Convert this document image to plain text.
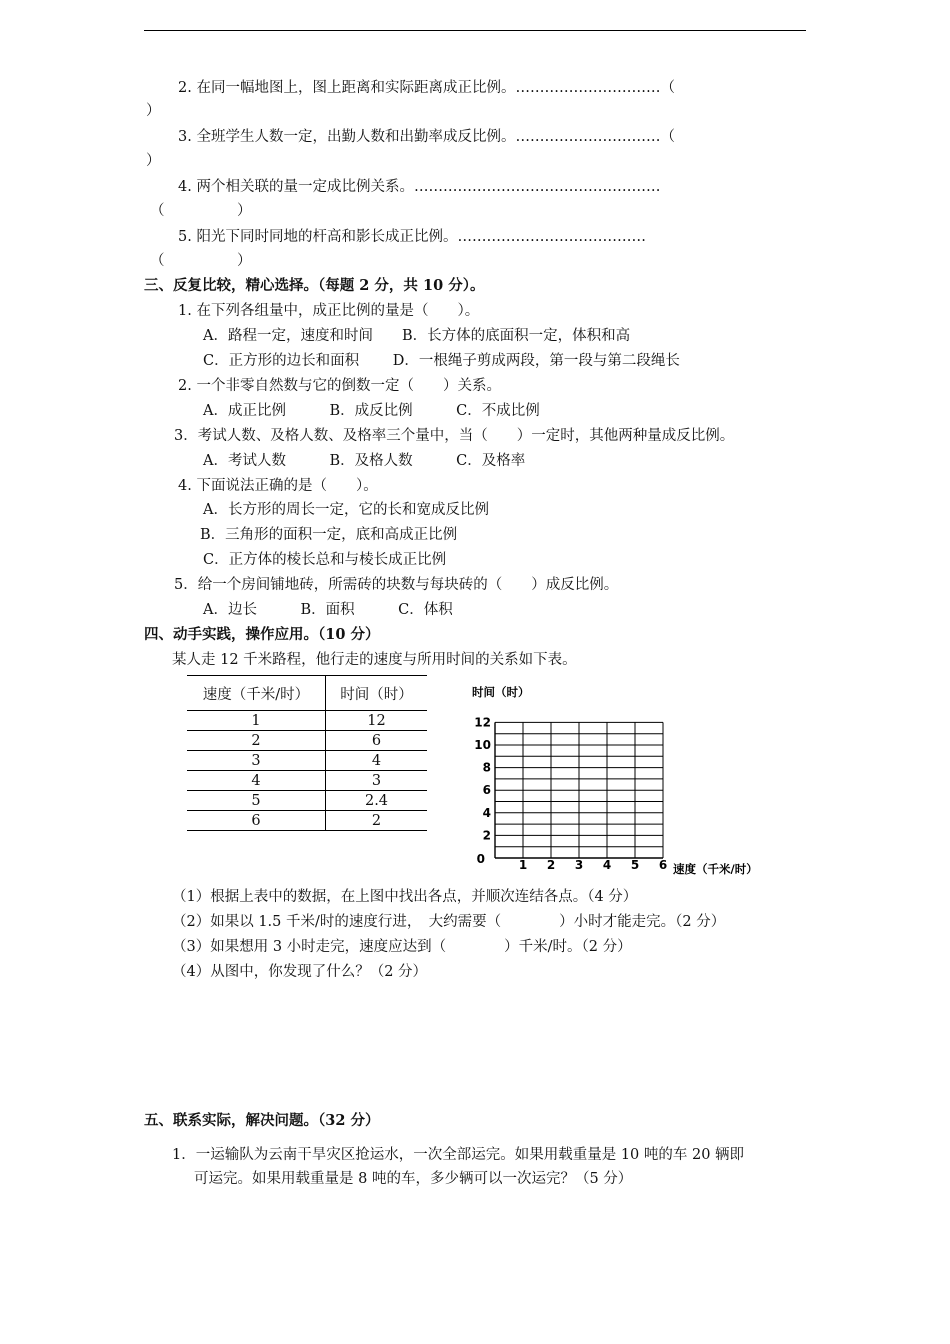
2. 在同一幅地图上，图上距离和实际距离成正比例。…………………………（
）
3. 全班学生人数一定，出勤人数和出勤率成反比例。…………………………（
）
4. 两个相关联的量一定成比例关系。……………………………………………
（　　　　　）
5. 阳光下同时同地的杆高和影长成正比例。…………………………………
（　　　　　）
三、反复比较，精心选择。（每题 2 分，共 10 分）。
1. 在下列各组量中，成正比例的量是（　　）。
A．路程一定，速度和时间　　B．长方体的底面积一定，体积和高
C．正方形的边长和面积　　 D．一根绳子剪成两段，第一段与第二段绳长
2. 一个非零自然数与它的倒数一定（　　）关系。
A．成正比例　　　B．成反比例　　　C．不成比例
3．考试人数、及格人数、及格率三个量中，当（　　）一定时，其他两种量成反比例。
A．考试人数　　　B．及格人数　　　C．及格率
4. 下面说法正确的是（　　）。
A．长方形的周长一定，它的长和宽成反比例
B．三角形的面积一定，底和高成正比例
C．正方体的棱长总和与棱长成正比例
5．给一个房间铺地砖，所需砖的块数与每块砖的（　　）成反比例。
A．边长　　　B．面积　　　C．体积
四、动手实践，操作应用。（10 分）
某人走 12 千米路程，他行走的速度与所用时间的关系如下表。
速度（千米/时）	时间（时）
1	12
2	6
3	4
4	3
5	2.4
6	2
0	1 2 3 4 5 6
2
4
6
8
10
12
时间（时）
速度（千米/时）
（1）根据上表中的数据，在上图中找出各点，并顺次连结各点。（4 分）
（2）如果以 1.5 千米/时的速度行进，　大约需要（　　　　）小时才能走完。（2 分）
（3）如果想用 3 小时走完，速度应达到（　　　　）千米/时。（2 分）
（4）从图中，你发现了什么？（2 分）
五、联系实际，解决问题。（32 分）
1．一运输队为云南干旱灾区抢运水，一次全部运完。如果用载重量是 10 吨的车 20 辆即
可运完。如果用载重量是 8 吨的车，多少辆可以一次运完？（5 分）
